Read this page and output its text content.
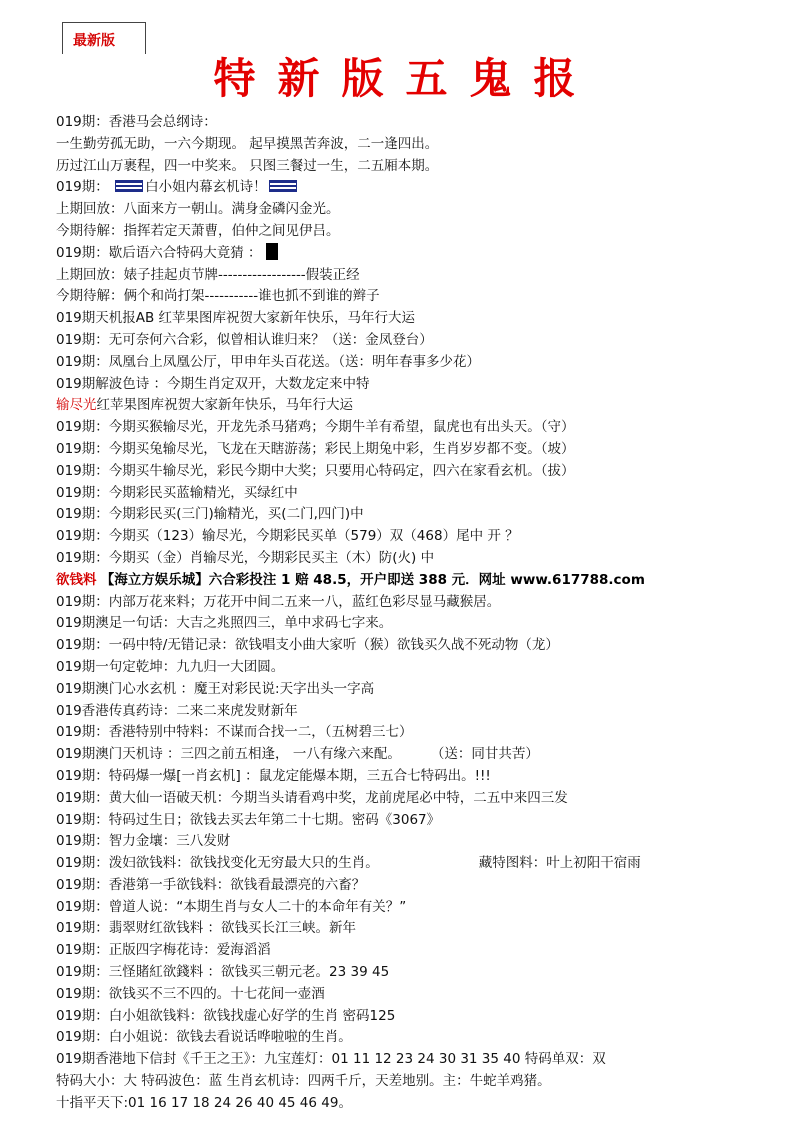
最新版
特新版五鬼报
019期：香港马会总纲诗：
一生勤劳孤无助，一六今期现。 起早摸黑苦奔波，二一逢四出。
历过江山万裹程，四一中奖来。 只图三餐过一生，二五厢本期。
019期：	白小姐内幕玄机诗！
上期回放：八面来方一朝山。满身金磷闪金光。
今期待解：指挥若定天萧曹，伯仲之间见伊吕。
019期：歇后语六合特码大竟猜 ：
上期回放：婊子挂起贞节牌------------------假装正经
今期待解：俩个和尚打架-----------谁也抓不到谁的辫子
019期天机报AB 红苹果图库祝贺大家新年快乐，马年行大运
019期：无可奈何六合彩，似曾相认谁归来？（送：金凤登台）
019期：凤凰台上凤凰公厅，甲申年头百花送。（送：明年春事多少花）
019期解波色诗 ：今期生肖定双开，大数龙定来中特
输尽光红苹果图库祝贺大家新年快乐，马年行大运
019期：今期买猴输尽光，开龙先杀马猪鸡；今期牛羊有希望，鼠虎也有出头天。（守）
019期：今期买兔输尽光，飞龙在天瞎游荡；彩民上期兔中彩，生肖岁岁都不变。（坡）
019期：今期买牛输尽光，彩民今期中大奖；只要用心特码定，四六在家看玄机。（拔）
019期：今期彩民买蓝输精光，买绿红中
019期：今期彩民买(三门)输精光，买(二门,四门)中
019期：今期买（123）输尽光，今期彩民买单（579）双（468）尾中 开 ？
019期：今期买（金）肖输尽光，今期彩民买主（木）防(火) 中
欲钱料 【海立方娱乐城】六合彩投注 1 赔 48.5，开户即送 388 元．网址 www.617788.com
019期：内部万花来料；万花开中间二五来一八，蓝红色彩尽显马藏猴居。
019期澳足一句话：大吉之兆照四三，单中求码七字来。
019期：一码中特/无错记录：欲钱唱支小曲大家听（猴）欲钱买久战不死动物（龙）
019期一句定乾坤：九九归一大团圆。
019期澳门心水玄机 ：魔王对彩民说:天字出头一字高
019香港传真药诗：二来二来虎发财新年
019期：香港特别中特料：不谋而合找一二，（五树碧三七）
019期澳门天机诗 ：三四之前五相逢， 一八有缘六来配。 （送：同甘共苦）
019期：特码爆一爆[一肖玄机] ：鼠龙定能爆本期，三五合七特码出。!!!
019期：黄大仙一语破天机：今期当头请看鸡中奖，龙前虎尾必中特，二五中来四三发
019期：特码过生日；欲钱去买去年第二十七期。密码《3067》
019期：智力金壤：三八发财
019期：泼妇欲钱料：欲钱找变化无穷最大只的生肖。	藏特图料：叶上初阳干宿雨
019期：香港第一手欲钱料：欲钱看最漂亮的六畜？
019期：曾道人说：“本期生肖与女人二十的本命年有关？”
019期：翡翠财红欲钱料 ：欲钱买长江三峡。新年
019期：正版四字梅花诗：爱海滔滔
019期：三怪賭紅欲錢料 ：欲钱买三朝元老。23 39 45
019期：欲钱买不三不四的。十七花间一壶酒
019期：白小姐欲钱料：欲钱找虚心好学的生肖 密码125
019期：白小姐说：欲钱去看说话哗啦啦的生肖。
019期香港地下信封《千王之王》：九宝莲灯：01 11 12 23 24 30 31 35 40 特码单双：双
特码大小：大 特码波色：蓝 生肖玄机诗：四两千斤，天差地别。主：牛蛇羊鸡猪。
十指平天下:01 16 17 18 24 26 40 45 46 49。
